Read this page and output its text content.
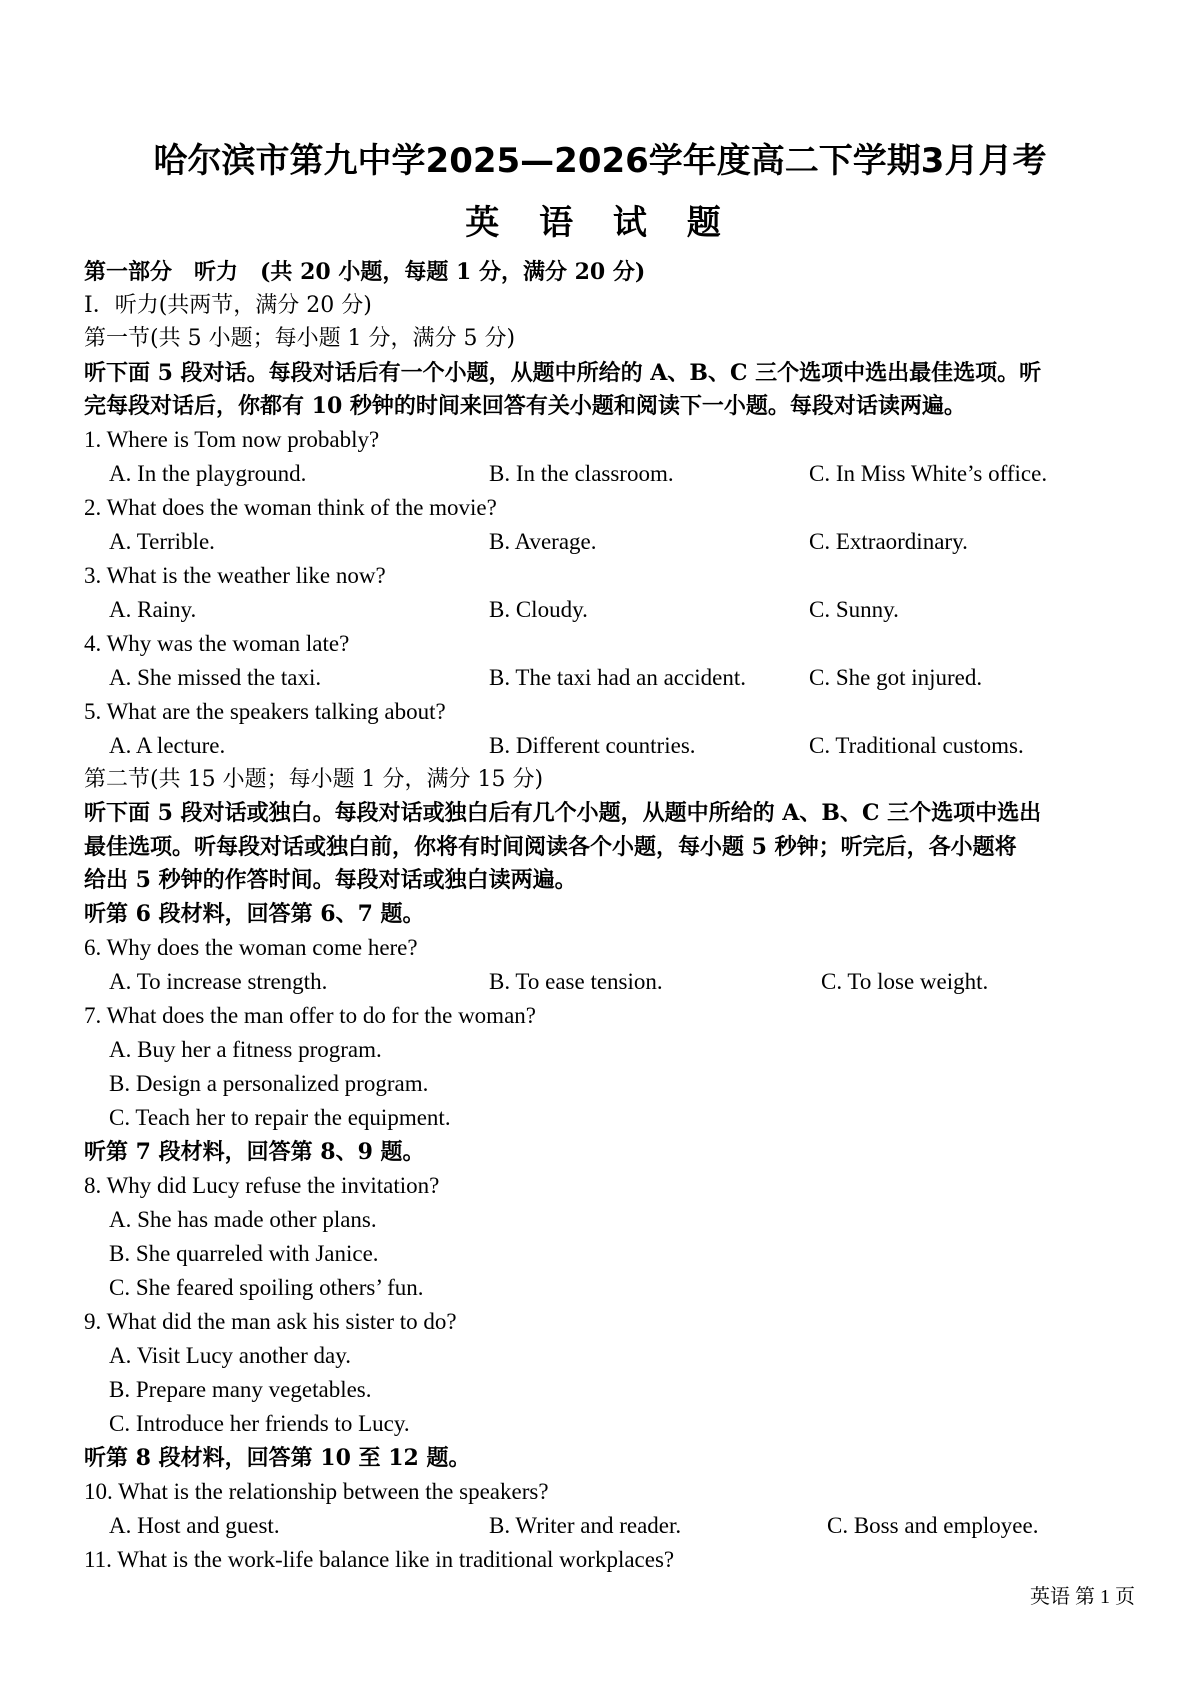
哈尔滨市第九中学2025—2026学年度高二下学期3月月考
英 语 试 题
第一部分　听力　(共 20 小题，每题 1 分，满分 20 分)
I．听力(共两节，满分 20 分)
第一节(共 5 小题；每小题 1 分，满分 5 分)
听下面 5 段对话。每段对话后有一个小题，从题中所给的 A、B、C 三个选项中选出最佳选项。听
完每段对话后，你都有 10 秒钟的时间来回答有关小题和阅读下一小题。每段对话读两遍。
1. Where is Tom now probably?
A. In the playground.	B. In the classroom.	C. In Miss White’s office.
2. What does the woman think of the movie?
A. Terrible.	B. Average.	C. Extraordinary.
3. What is the weather like now?
A. Rainy.	B. Cloudy.	C. Sunny.
4. Why was the woman late?
A. She missed the taxi.	B. The taxi had an accident.	C. She got injured.
5. What are the speakers talking about?
A. A lecture.	B. Different countries.	C. Traditional customs.
第二节(共 15 小题；每小题 1 分，满分 15 分)
听下面 5 段对话或独白。每段对话或独白后有几个小题，从题中所给的 A、B、C 三个选项中选出
最佳选项。听每段对话或独白前，你将有时间阅读各个小题，每小题 5 秒钟；听完后，各小题将
给出 5 秒钟的作答时间。每段对话或独白读两遍。
听第 6 段材料，回答第 6、7 题。
6. Why does the woman come here?
A. To increase strength.	B. To ease tension.	C. To lose weight.
7. What does the man offer to do for the woman?
A. Buy her a fitness program.
B. Design a personalized program.
C. Teach her to repair the equipment.
听第 7 段材料，回答第 8、9 题。
8. Why did Lucy refuse the invitation?
A. She has made other plans.
B. She quarreled with Janice.
C. She feared spoiling others’ fun.
9. What did the man ask his sister to do?
A. Visit Lucy another day.
B. Prepare many vegetables.
C. Introduce her friends to Lucy.
听第 8 段材料，回答第 10 至 12 题。
10. What is the relationship between the speakers?
A. Host and guest.	B. Writer and reader.	C. Boss and employee.
11. What is the work-life balance like in traditional workplaces?
英语 第 1 页
